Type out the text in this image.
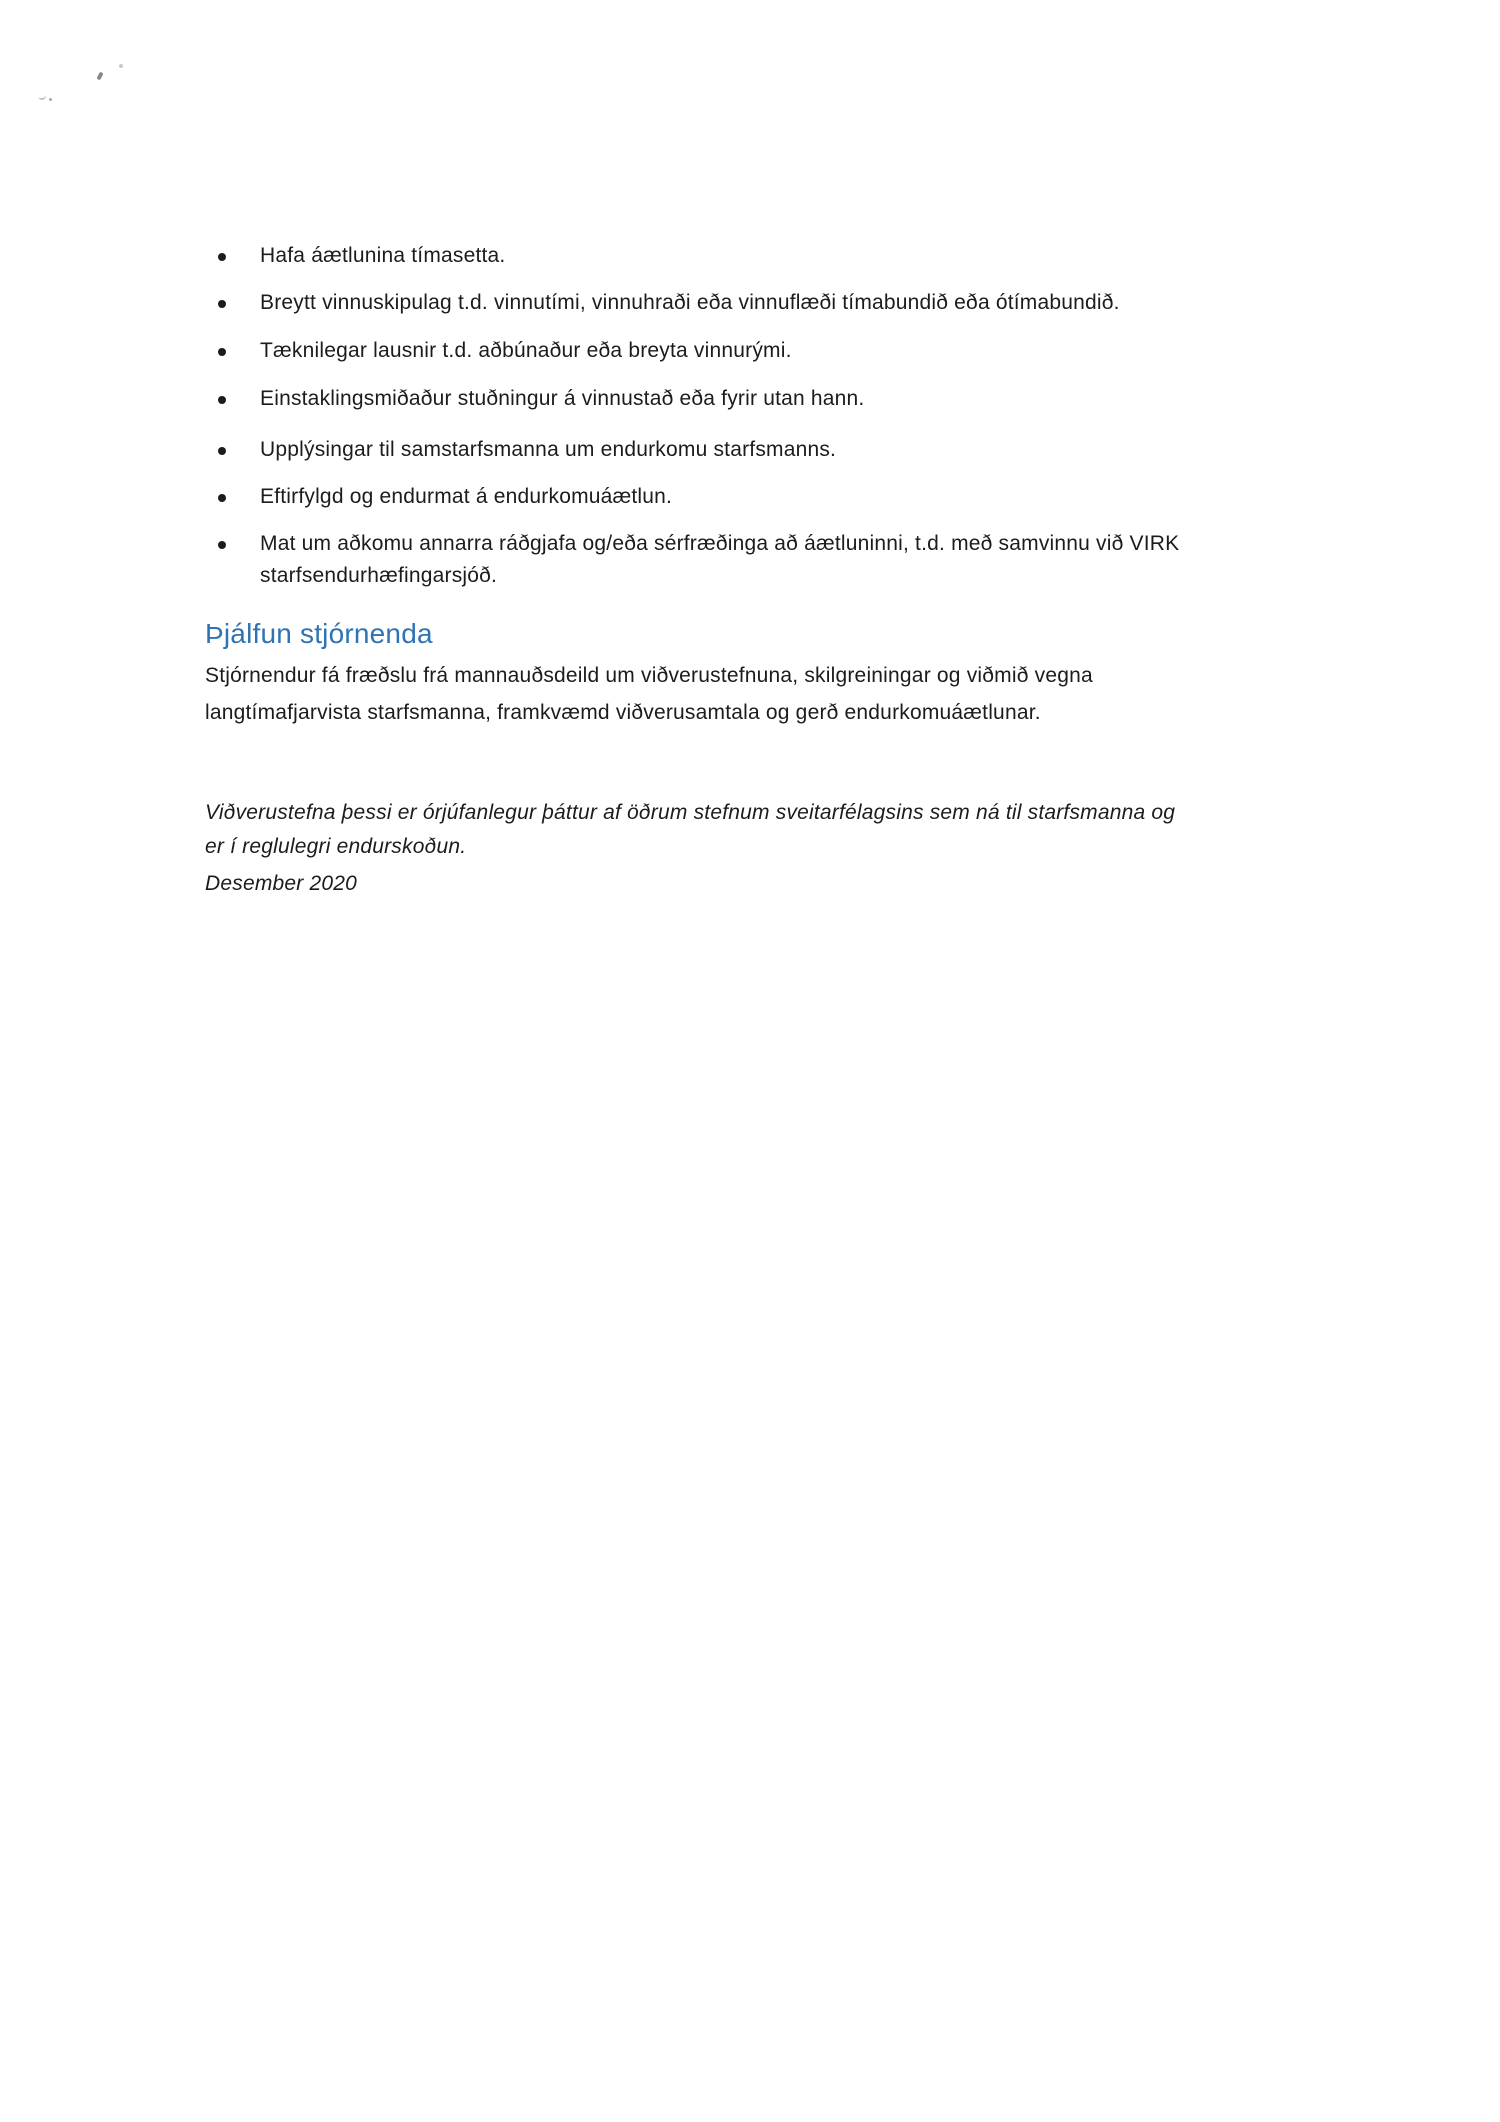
Hafa áætlunina tímasetta.
Breytt vinnuskipulag t.d. vinnutími, vinnuhraði eða vinnuflæði tímabundið eða ótímabundið.
Tæknilegar lausnir t.d. aðbúnaður eða breyta vinnurými.
Einstaklingsmiðaður stuðningur á vinnustað eða fyrir utan hann.
Upplýsingar til samstarfsmanna um endurkomu starfsmanns.
Eftirfylgd og endurmat á endurkomuáætlun.
Mat um aðkomu annarra ráðgjafa og/eða sérfræðinga að áætluninni, t.d. með samvinnu við VIRK
starfsendurhæfingarsjóð.
Þjálfun stjórnenda
Stjórnendur fá fræðslu frá mannauðsdeild um viðverustefnuna, skilgreiningar og viðmið vegna
langtímafjarvista starfsmanna, framkvæmd viðverusamtala og gerð endurkomuáætlunar.
Viðverustefna þessi er órjúfanlegur þáttur af öðrum stefnum sveitarfélagsins sem ná til starfsmanna og
er í reglulegri endurskoðun.
Desember 2020
